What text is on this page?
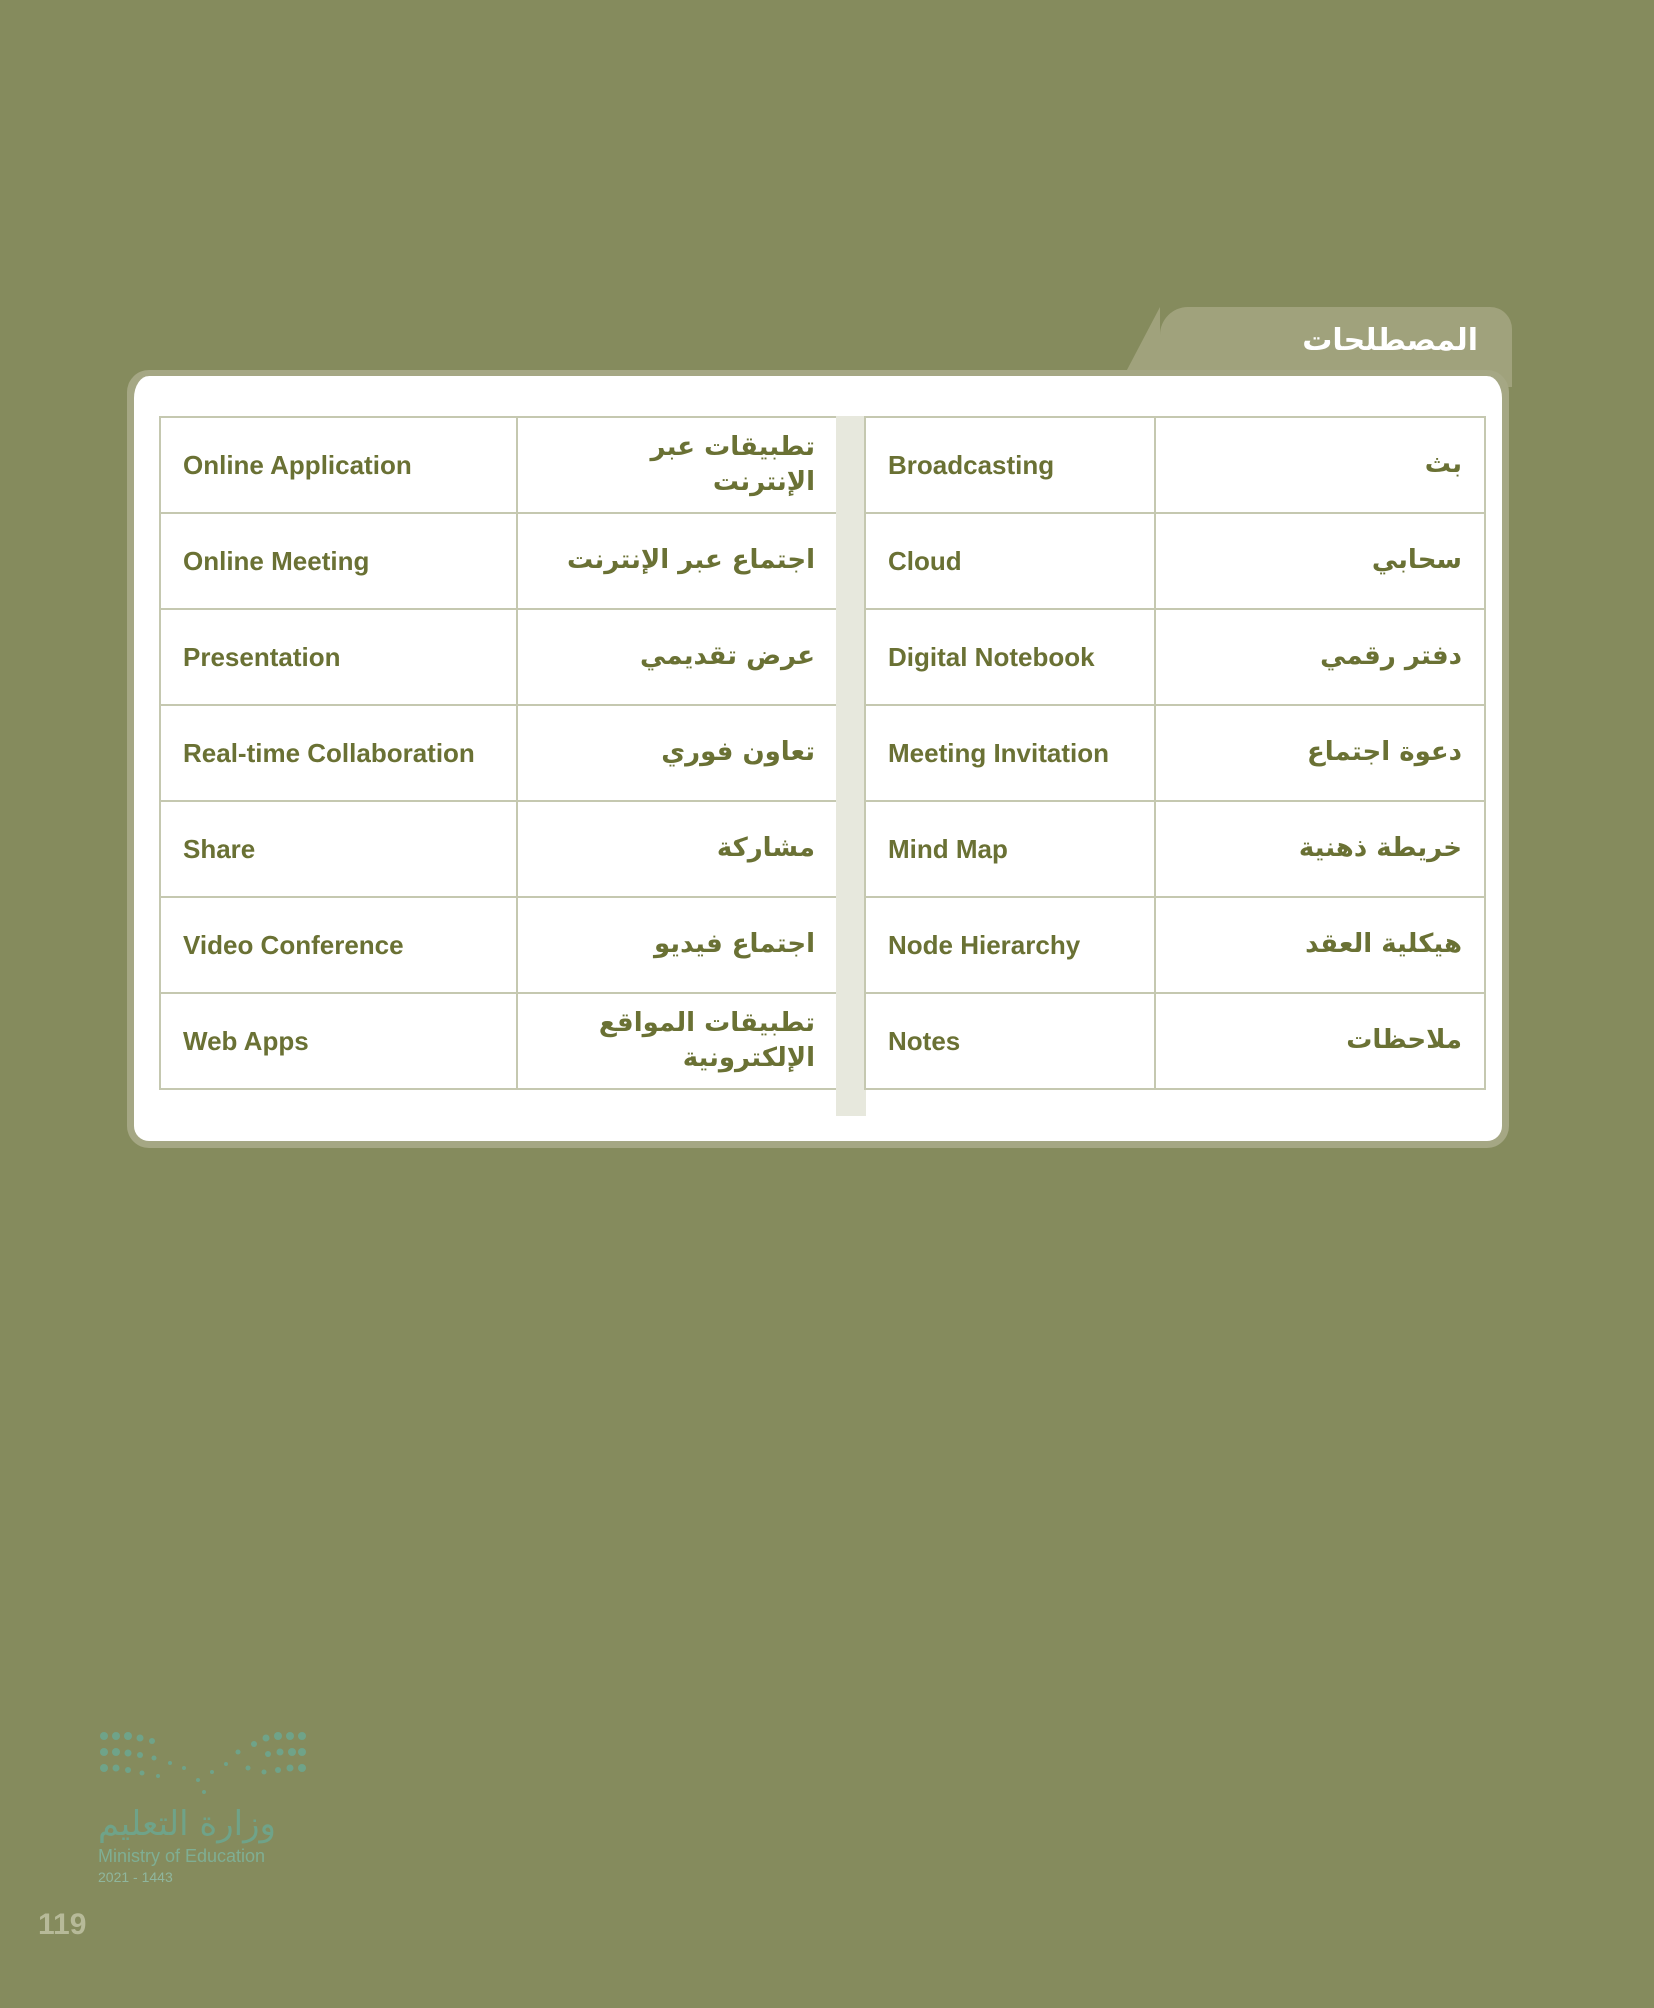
المصطلحات
Online Application	تطبيقات عبر الإنترنت
Online Meeting	اجتماع عبر الإنترنت
Presentation	عرض تقديمي
Real-time Collaboration	تعاون فوري
Share	مشاركة
Video Conference	اجتماع فيديو
Web Apps	تطبيقات المواقع الإلكترونية
Broadcasting	بث
Cloud	سحابي
Digital Notebook	دفتر رقمي
Meeting Invitation	دعوة اجتماع
Mind Map	خريطة ذهنية
Node Hierarchy	هيكلية العقد
Notes	ملاحظات
وزارة التعليم
Ministry of Education
2021 - 1443
119
